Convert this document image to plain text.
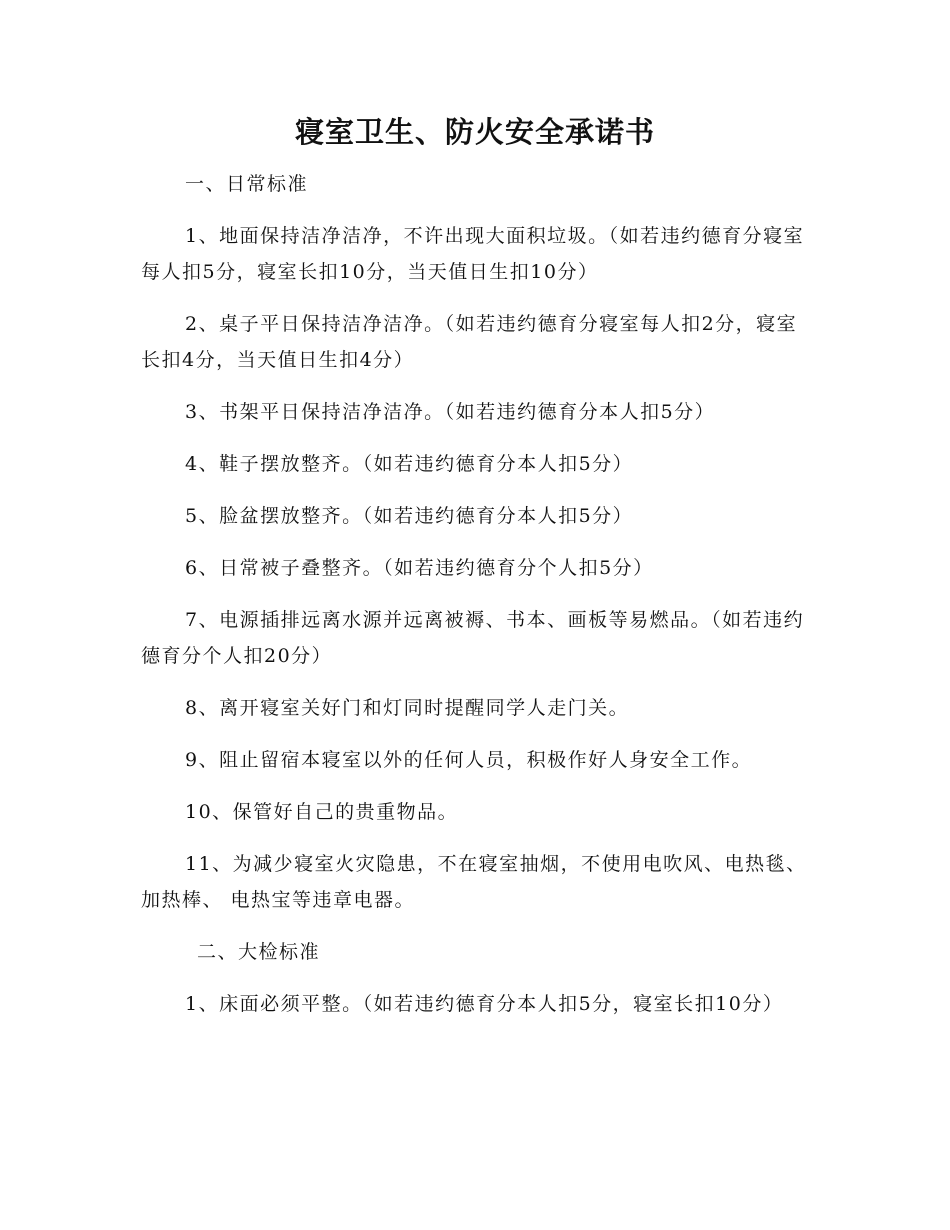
寝室卫生、防火安全承诺书

一、日常标准

1、地面保持洁净洁净，不许出现大面积垃圾。（如若违约德育分寝室每人扣5分，寝室长扣10分，当天值日生扣10分）

2、桌子平日保持洁净洁净。（如若违约德育分寝室每人扣2分，寝室长扣4分，当天值日生扣4分）

3、书架平日保持洁净洁净。（如若违约德育分本人扣5分）

4、鞋子摆放整齐。（如若违约德育分本人扣5分）

5、脸盆摆放整齐。（如若违约德育分本人扣5分）

6、日常被子叠整齐。（如若违约德育分个人扣5分）

7、电源插排远离水源并远离被褥、书本、画板等易燃品。（如若违约德育分个人扣20分）

8、离开寝室关好门和灯同时提醒同学人走门关。

9、阻止留宿本寝室以外的任何人员，积极作好人身安全工作。

10、保管好自己的贵重物品。

11、为减少寝室火灾隐患，不在寝室抽烟，不使用电吹风、电热毯、加热棒、 电热宝等违章电器。

二、大检标准

1、床面必须平整。（如若违约德育分本人扣5分，寝室长扣10分）
